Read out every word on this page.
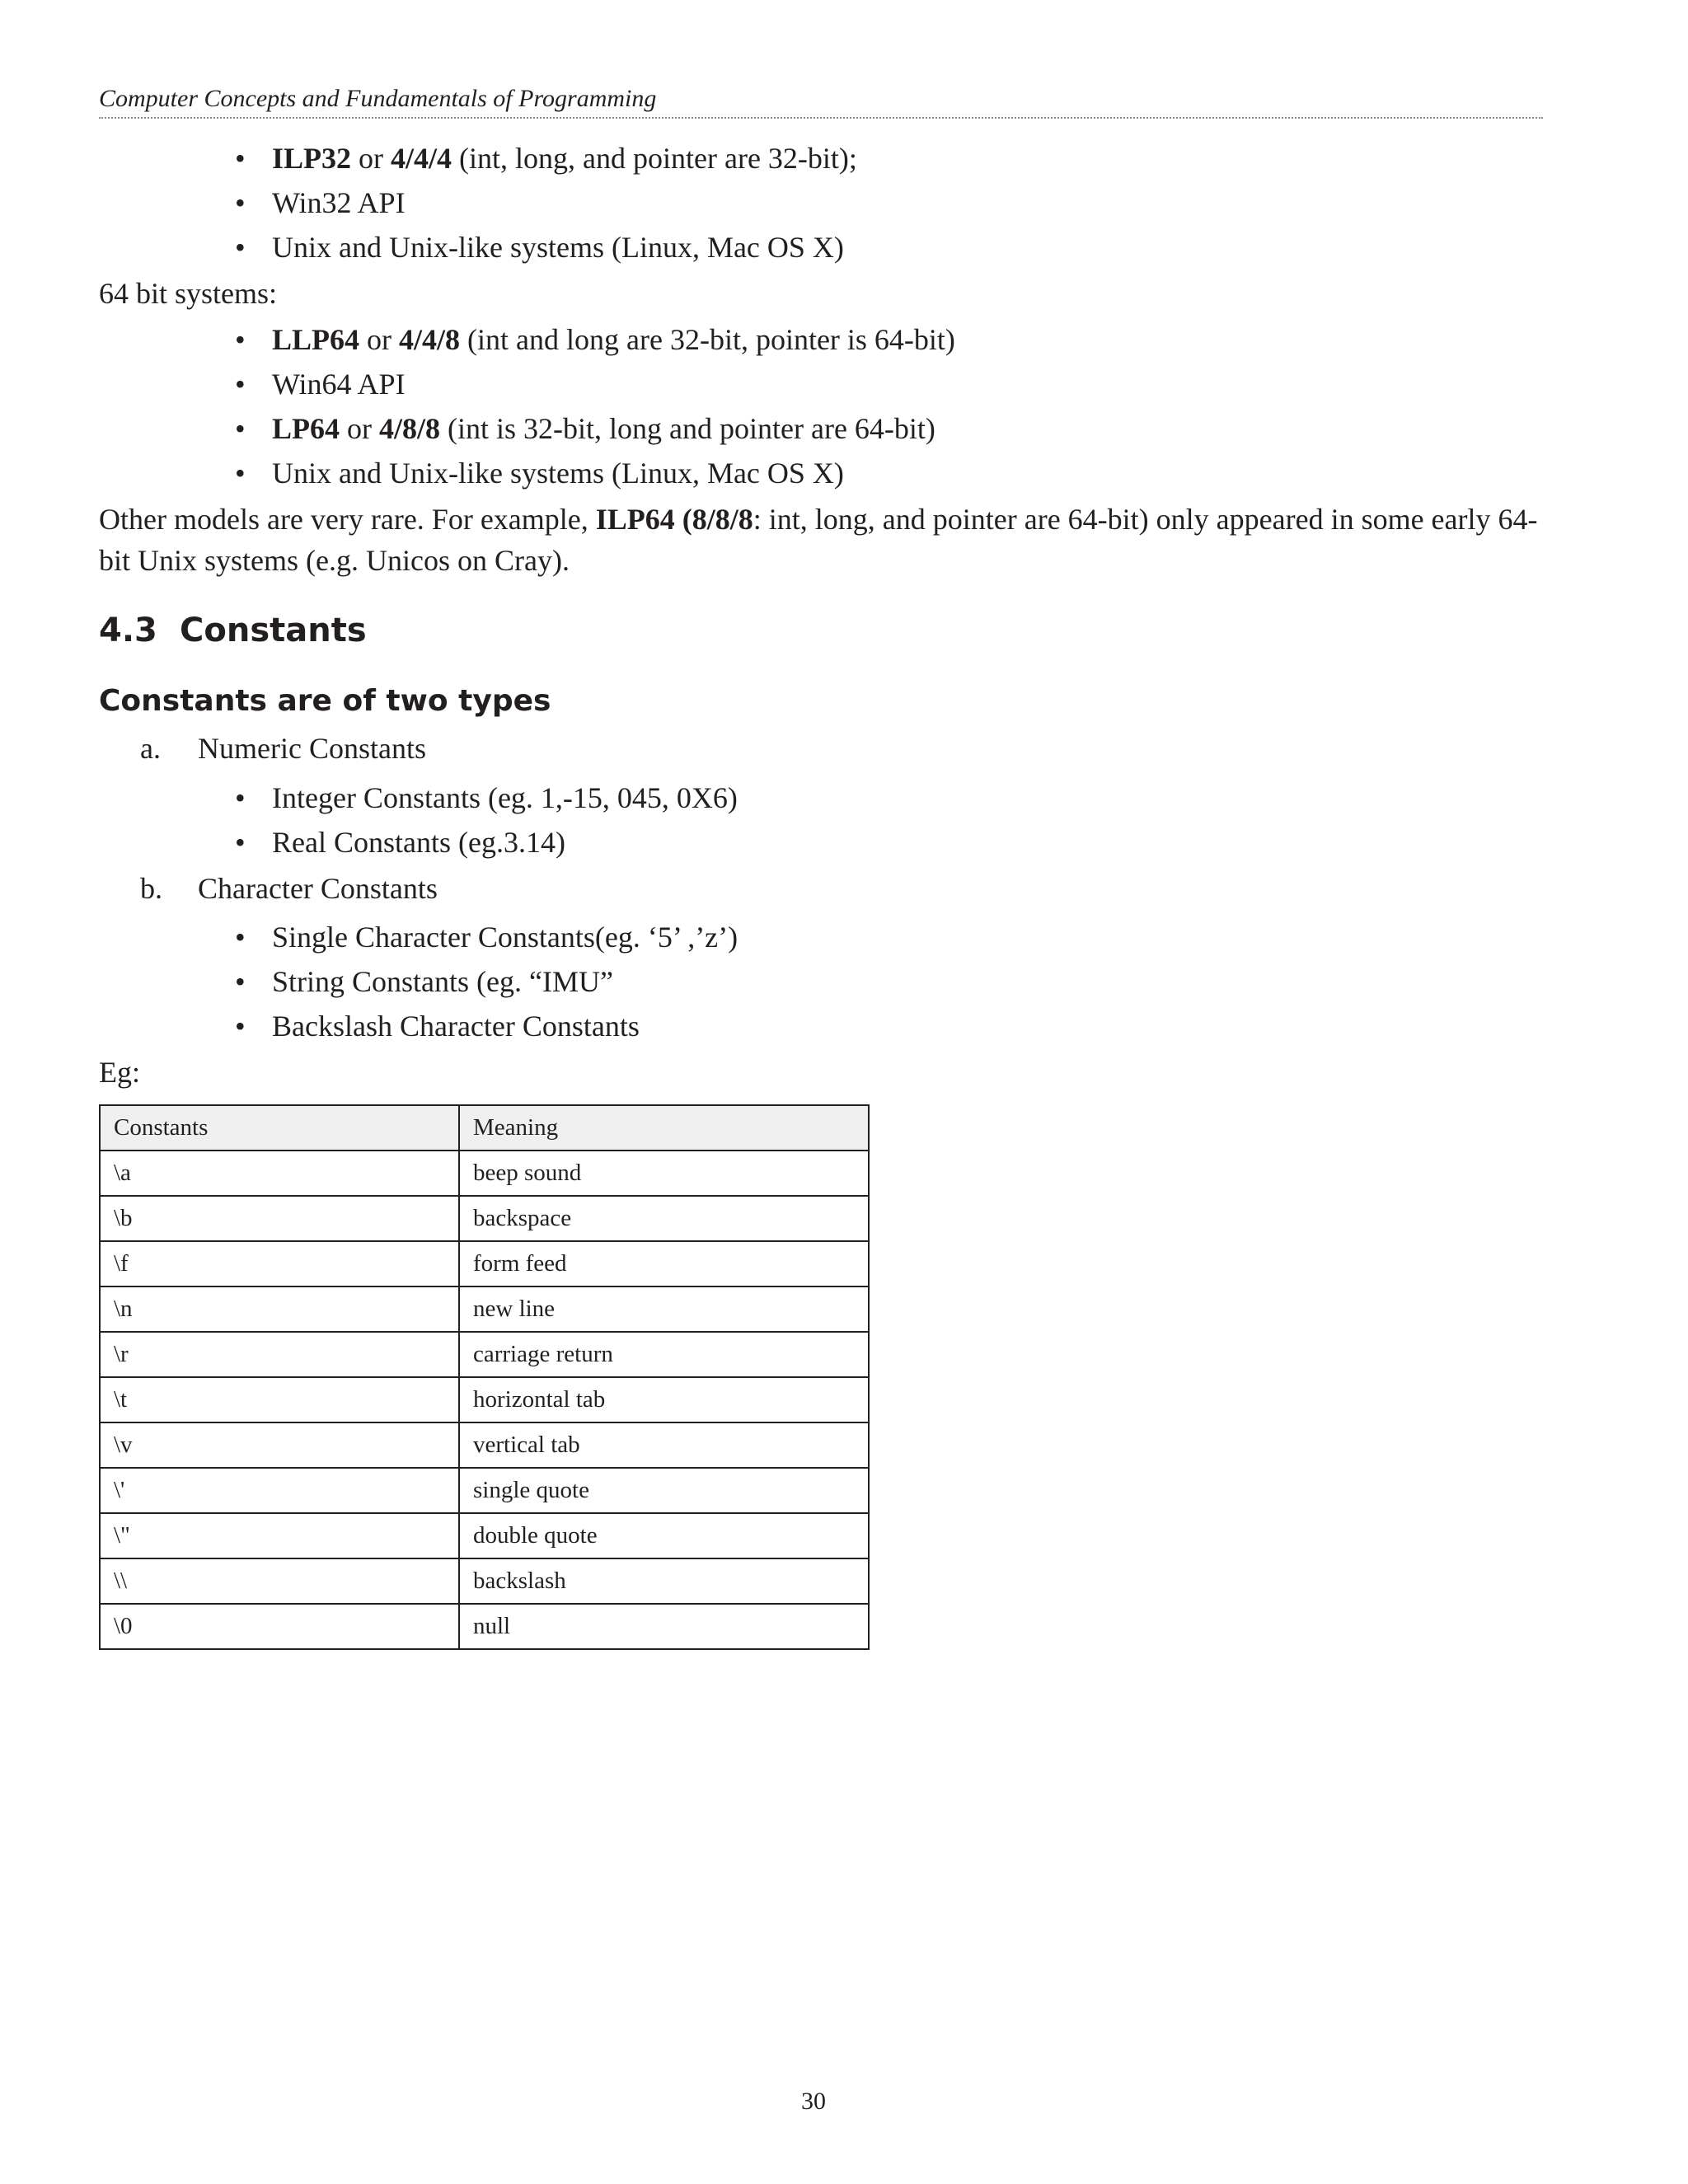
Computer Concepts and Fundamentals of Programming
• ILP32 or 4/4/4 (int, long, and pointer are 32-bit);
• Win32 API
• Unix and Unix-like systems (Linux, Mac OS X)
64 bit systems:
• LLP64 or 4/4/8 (int and long are 32-bit, pointer is 64-bit)
• Win64 API
• LP64 or 4/8/8 (int is 32-bit, long and pointer are 64-bit)
• Unix and Unix-like systems (Linux, Mac OS X)
Other models are very rare. For example, ILP64 (8/8/8: int, long, and pointer are 64-bit) only appeared in some early 64-bit Unix systems (e.g. Unicos on Cray).
4.3 Constants
Constants are of two types
a. Numeric Constants
• Integer Constants (eg. 1,-15, 045, 0X6)
• Real Constants (eg.3.14)
b. Character Constants
• Single Character Constants(eg. ‘5’ ,’z’)
• String Constants (eg. “IMU”
• Backslash Character Constants
Eg:
Constants	Meaning
\a	beep sound
\b	backspace
\f	form feed
\n	new line
\r	carriage return
\t	horizontal tab
\v	vertical tab
\'	single quote
\"	double quote
\\	backslash
\0	null
30
